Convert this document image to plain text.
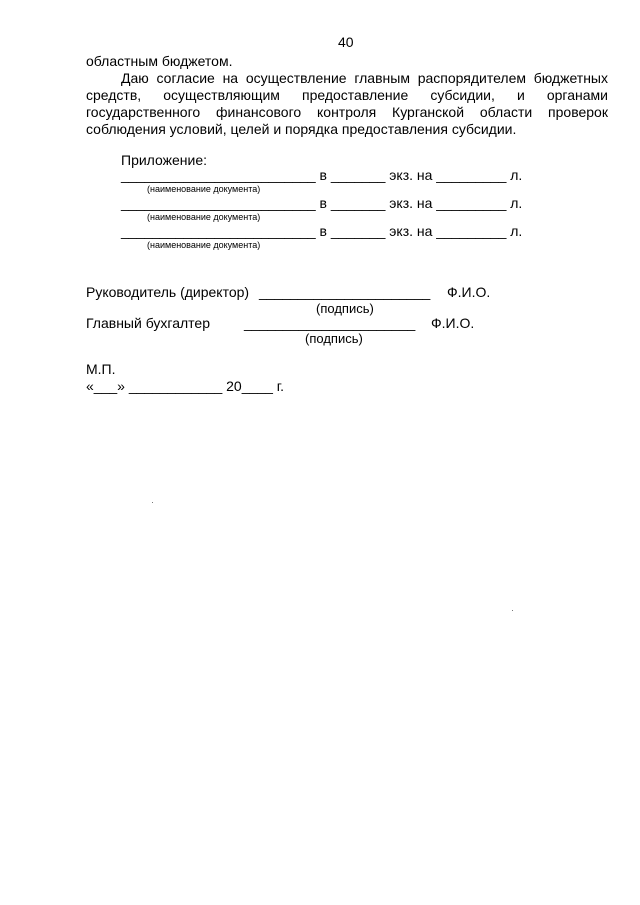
40
областным бюджетом.
Даю согласие на осуществление главным распорядителем бюджетных
средств, осуществляющим предоставление субсидии, и органами
государственного финансового контроля Курганской области проверок
соблюдения условий, целей и порядка предоставления субсидии.
Приложение:
_________________________ в _______ экз. на _________ л.
(наименование документа)
_________________________ в _______ экз. на _________ л.
(наименование документа)
_________________________ в _______ экз. на _________ л.
(наименование документа)
Руководитель (директор) ______________________ Ф.И.О.
(подпись)
Главный бухгалтер ______________________ Ф.И.О.
(подпись)
М.П.
«___» ____________ 20____ г.
